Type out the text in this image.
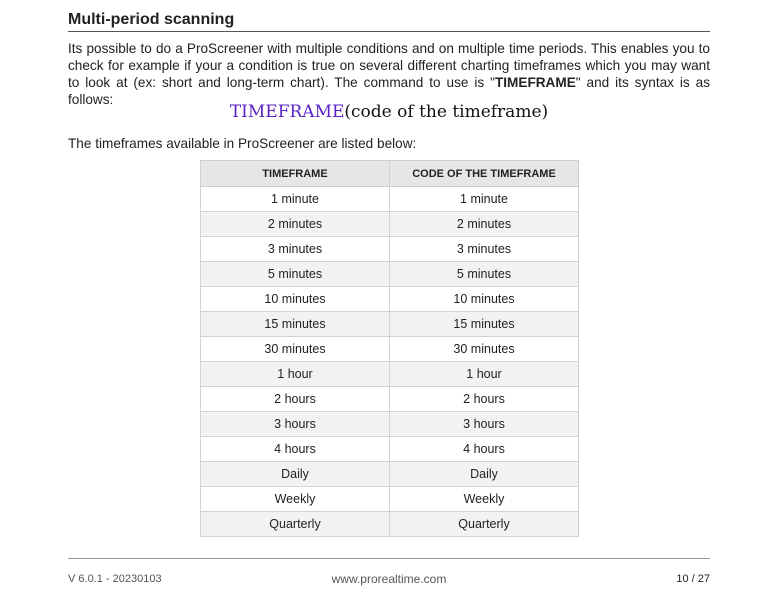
Multi-period scanning

Its possible to do a ProScreener with multiple conditions and on multiple time periods. This enables you to check for example if your a condition is true on several different charting timeframes which you may want to look at (ex: short and long-term chart). The command to use is "TIMEFRAME" and its syntax is as follows:

TIMEFRAME(code of the timeframe)

The timeframes available in ProScreener are listed below:

TIMEFRAME	CODE OF THE TIMEFRAME
1 minute	1 minute
2 minutes	2 minutes
3 minutes	3 minutes
5 minutes	5 minutes
10 minutes	10 minutes
15 minutes	15 minutes
30 minutes	30 minutes
1 hour	1 hour
2 hours	2 hours
3 hours	3 hours
4 hours	4 hours
Daily	Daily
Weekly	Weekly
Quarterly	Quarterly
V 6.0.1 - 20230103	www.prorealtime.com	10 / 27
